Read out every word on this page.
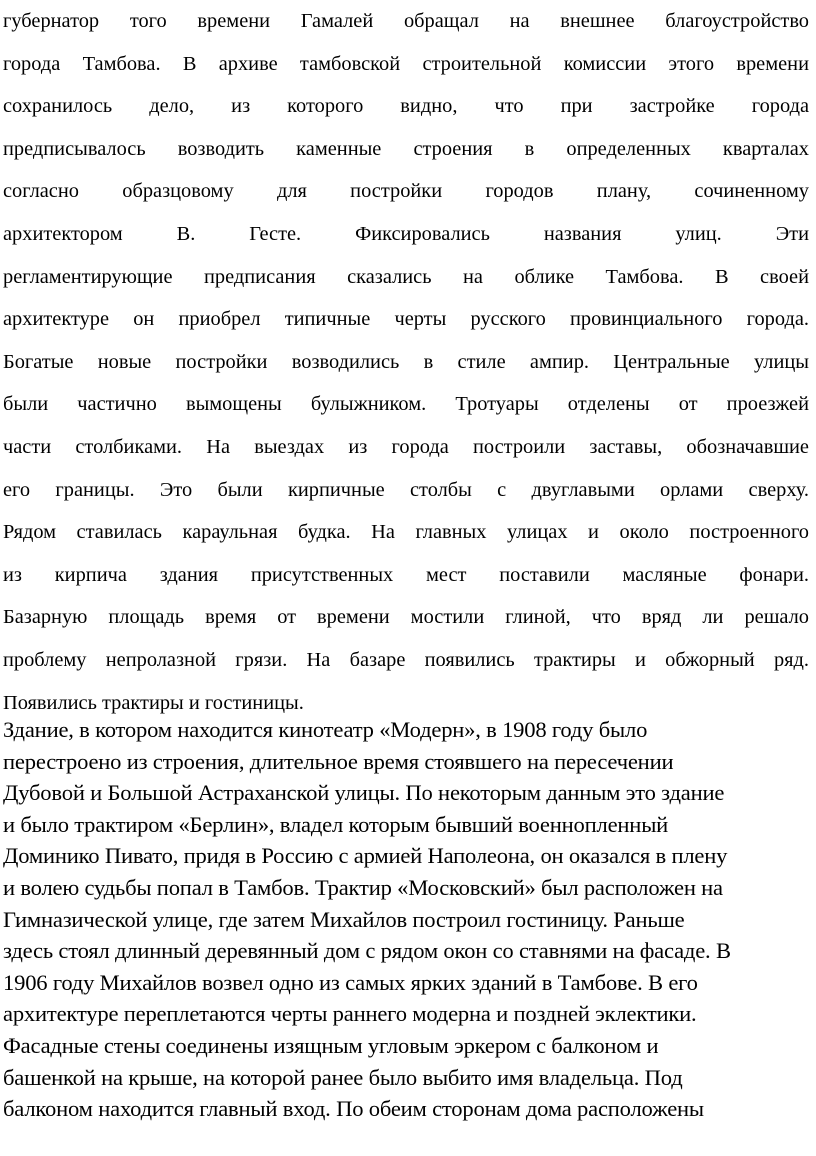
губернатор того времени Гамалей обращал на внешнее благоустройство
города Тамбова. В архиве тамбовской строительной комиссии этого времени
сохранилось дело, из которого видно, что при застройке города
предписывалось возводить каменные строения в определенных кварталах
согласно образцовому для постройки городов плану, сочиненному
архитектором В. Гесте. Фиксировались названия улиц. Эти
регламентирующие предписания сказались на облике Тамбова. В своей
архитектуре он приобрел типичные черты русского провинциального города.
Богатые новые постройки возводились в стиле ампир. Центральные улицы
были частично вымощены булыжником. Тротуары отделены от проезжей
части столбиками. На выездах из города построили заставы, обозначавшие
его границы. Это были кирпичные столбы с двуглавыми орлами сверху.
Рядом ставилась караульная будка. На главных улицах и около построенного
из кирпича здания присутственных мест поставили масляные фонари.
Базарную площадь время от времени мостили глиной, что вряд ли решало
проблему непролазной грязи. На базаре появились трактиры и обжорный ряд.
Появились трактиры и гостиницы.

Здание, в котором находится кинотеатр «Модерн», в 1908 году было
перестроено из строения, длительное время стоявшего на пересечении
Дубовой и Большой Астраханской улицы. По некоторым данным это здание
и было трактиром «Берлин», владел которым бывший военнопленный
Доминико Пивато, придя в Россию с армией Наполеона, он оказался в плену
и волею судьбы попал в Тамбов. Трактир «Московский» был расположен на
Гимназической улице, где затем Михайлов построил гостиницу. Раньше
здесь стоял длинный деревянный дом с рядом окон со ставнями на фасаде. В
1906 году Михайлов возвел одно из самых ярких зданий в Тамбове. В его
архитектуре переплетаются черты раннего модерна и поздней эклектики.
Фасадные стены соединены изящным угловым эркером с балконом и
башенкой на крыше, на которой ранее было выбито имя владельца. Под
балконом находится главный вход. По обеим сторонам дома расположены
